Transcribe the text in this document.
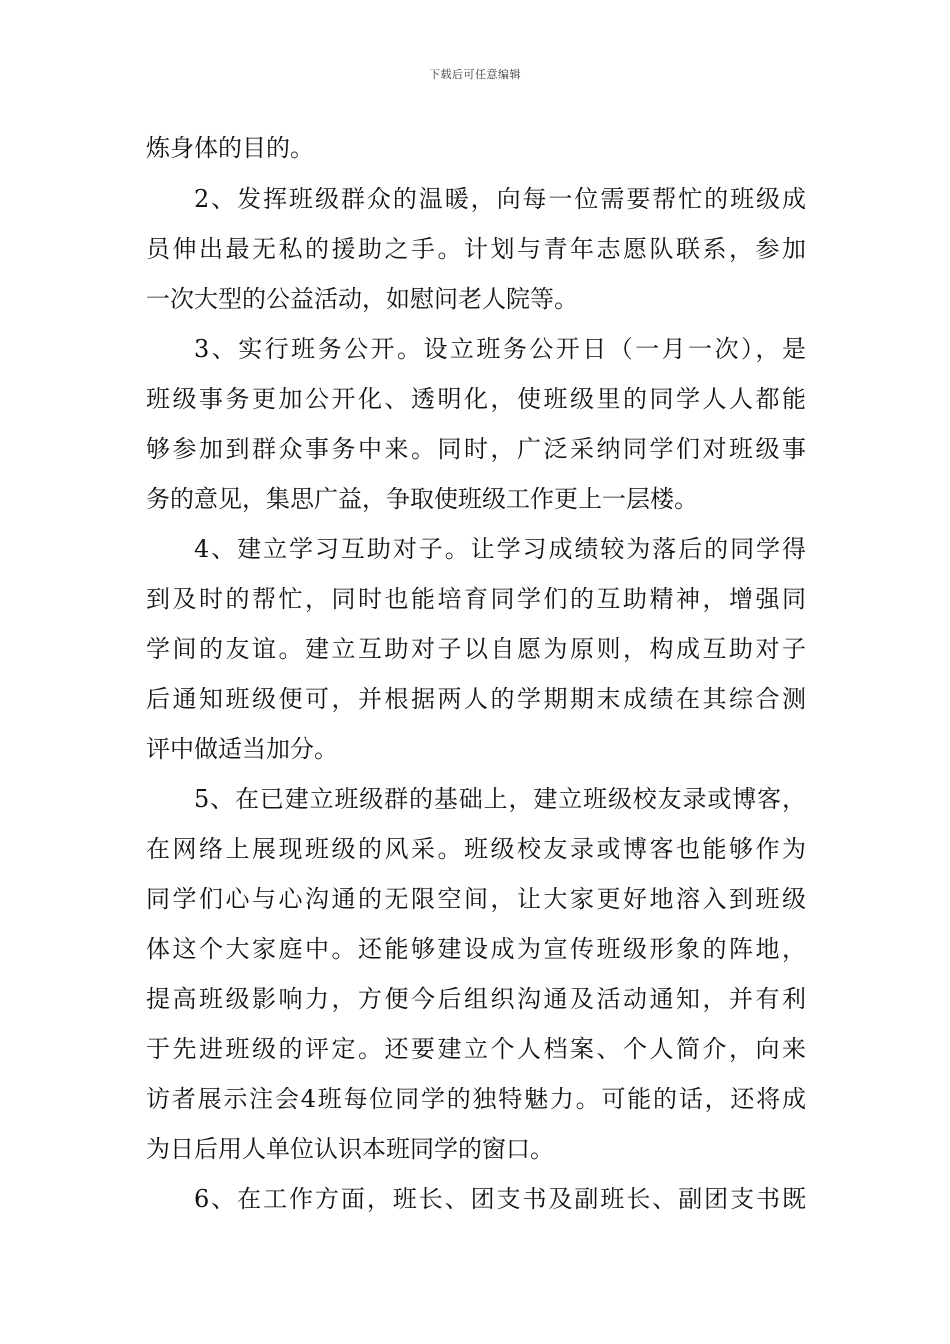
下载后可任意编辑
炼身体的目的。
2、发挥班级群众的温暖，向每一位需要帮忙的班级成
员伸出最无私的援助之手。计划与青年志愿队联系，参加
一次大型的公益活动，如慰问老人院等。
3、实行班务公开。设立班务公开日（一月一次），是
班级事务更加公开化、透明化，使班级里的同学人人都能
够参加到群众事务中来。同时，广泛采纳同学们对班级事
务的意见，集思广益，争取使班级工作更上一层楼。
4、建立学习互助对子。让学习成绩较为落后的同学得
到及时的帮忙，同时也能培育同学们的互助精神，增强同
学间的友谊。建立互助对子以自愿为原则，构成互助对子
后通知班级便可，并根据两人的学期期末成绩在其综合测
评中做适当加分。
5、在已建立班级群的基础上，建立班级校友录或博客，
在网络上展现班级的风采。班级校友录或博客也能够作为
同学们心与心沟通的无限空间，让大家更好地溶入到班级
体这个大家庭中。还能够建设成为宣传班级形象的阵地，
提高班级影响力，方便今后组织沟通及活动通知，并有利
于先进班级的评定。还要建立个人档案、个人简介，向来
访者展示注会4班每位同学的独特魅力。可能的话，还将成
为日后用人单位认识本班同学的窗口。
6、在工作方面，班长、团支书及副班长、副团支书既
